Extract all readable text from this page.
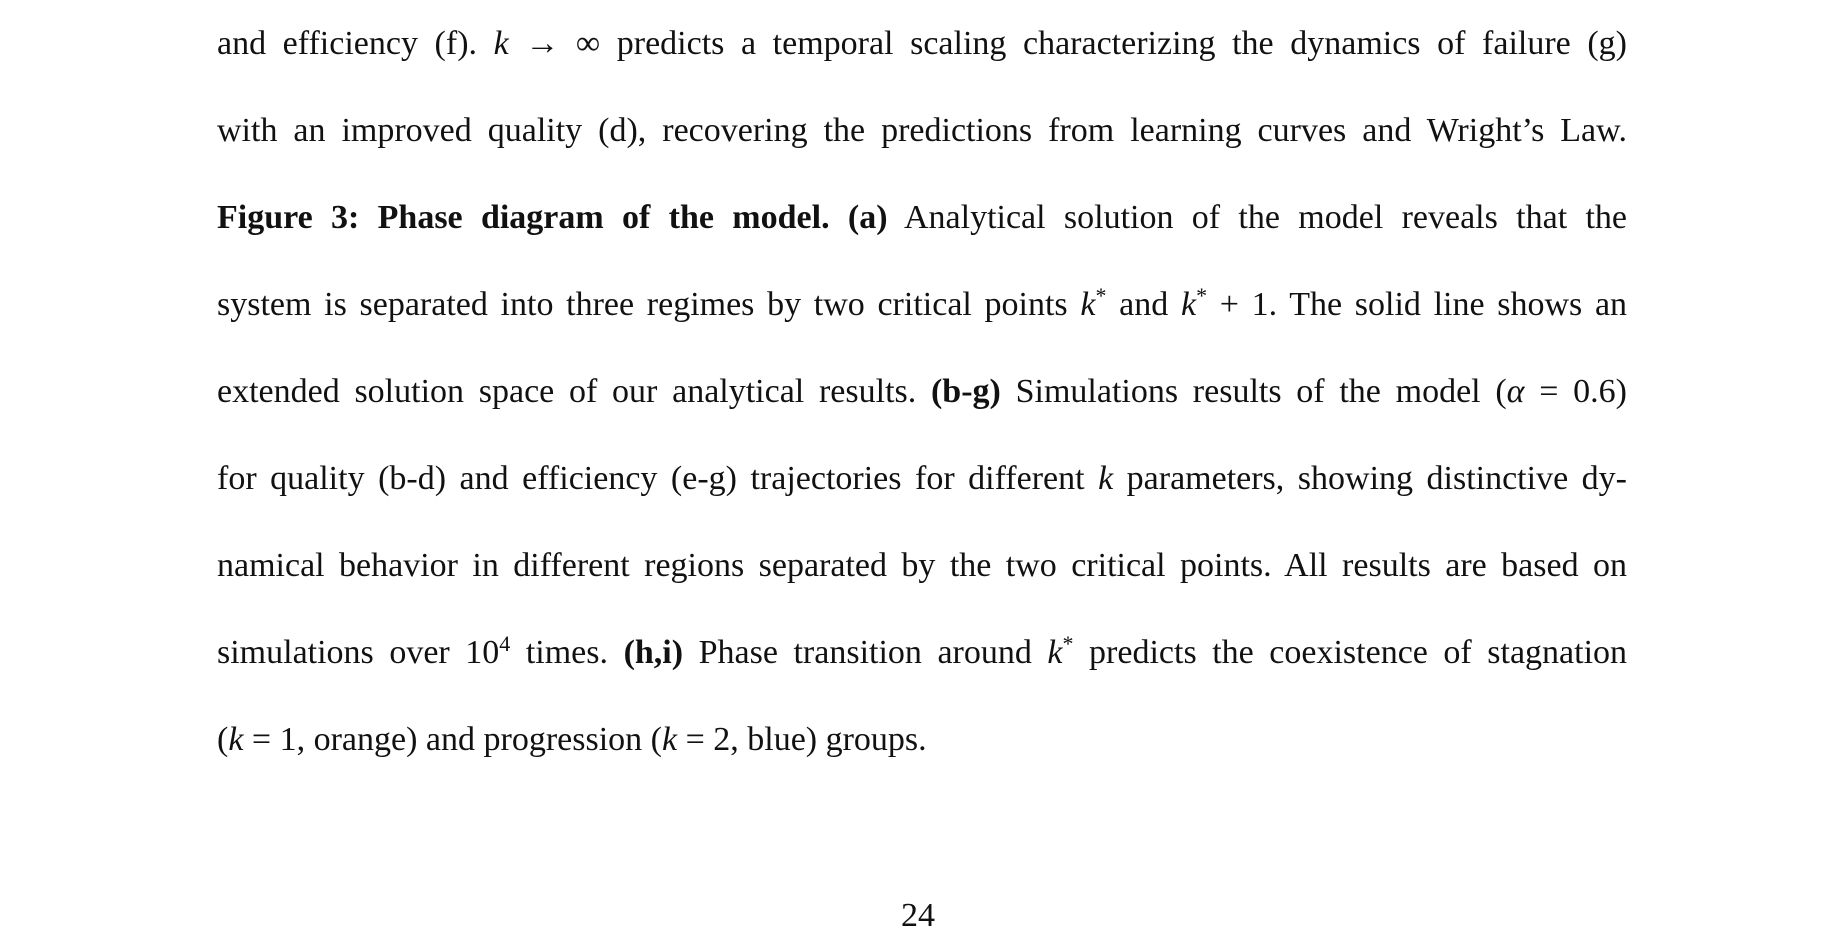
and efficiency (f). k → ∞ predicts a temporal scaling characterizing the dynamics of failure (g)
with an improved quality (d), recovering the predictions from learning curves and Wright’s Law.
Figure 3: Phase diagram of the model. (a) Analytical solution of the model reveals that the
system is separated into three regimes by two critical points k* and k* + 1. The solid line shows an
extended solution space of our analytical results. (b-g) Simulations results of the model (α = 0.6)
for quality (b-d) and efficiency (e-g) trajectories for different k parameters, showing distinctive dy-
namical behavior in different regions separated by the two critical points. All results are based on
simulations over $10^4$ times. (h,i) Phase transition around k* predicts the coexistence of stagnation
(k = 1, orange) and progression (k = 2, blue) groups.
24
